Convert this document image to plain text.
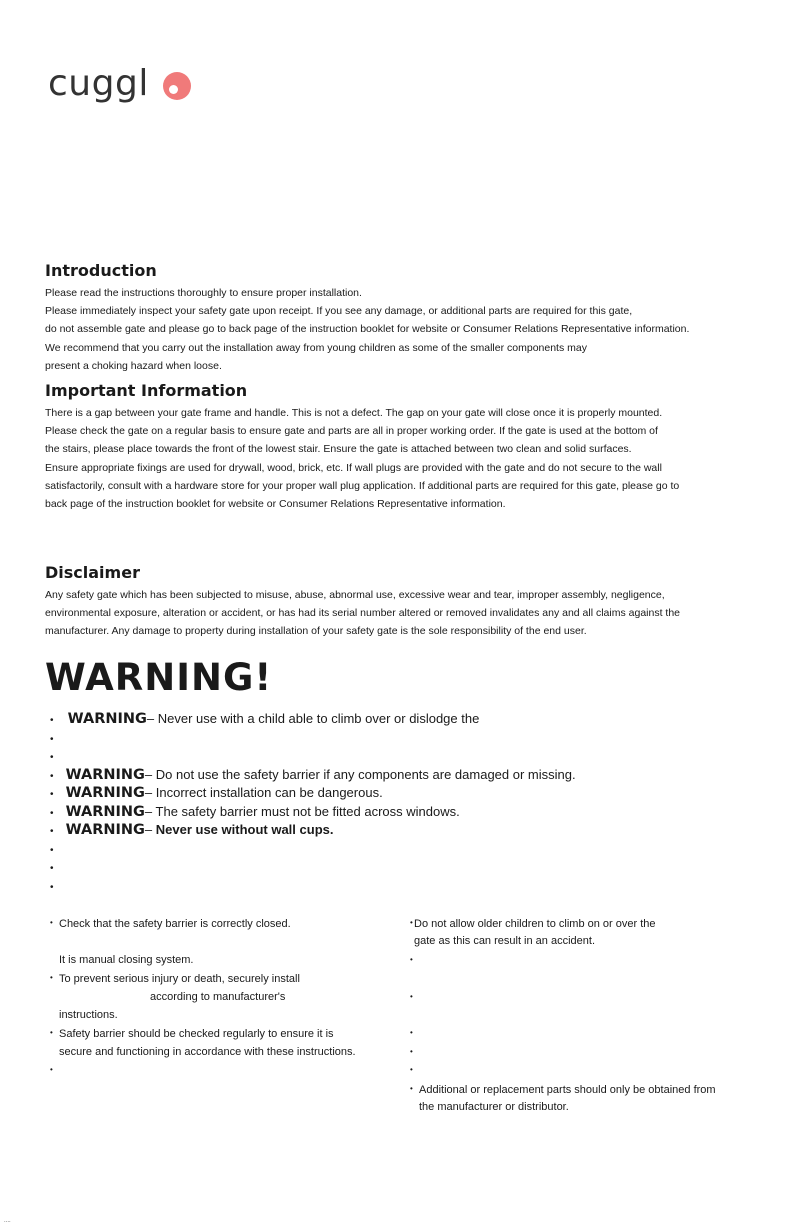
cuggl
Introduction

Please read the instructions thoroughly to ensure proper installation.

Please immediately inspect your safety gate upon receipt. If you see any damage, or additional parts are required for this gate,

do not assemble gate and please go to back page of the instruction booklet for website or Consumer Relations Representative information.

We recommend that you carry out the installation away from young children as some of the smaller components may

present a choking hazard when loose.

Important Information

There is a gap between your gate frame and handle. This is not a defect. The gap on your gate will close once it is properly mounted.

Please check the gate on a regular basis to ensure gate and parts are all in proper working order. If the gate is used at the bottom of

the stairs, please place towards the front of the lowest stair. Ensure the gate is attached between two clean and solid surfaces.

Ensure appropriate fixings are used for drywall, wood, brick, etc. If wall plugs are provided with the gate and do not secure to the wall

satisfactorily, consult with a hardware store for your proper wall plug application. If additional parts are required for this gate, please go to

back page of the instruction booklet for website or Consumer Relations Representative information.

Disclaimer

Any safety gate which has been subjected to misuse, abuse, abnormal use, excessive wear and tear, improper assembly, negligence,

environmental exposure, alteration or accident, or has had its serial number altered or removed invalidates any and all claims against the

manufacturer. Any damage to property during installation of your safety gate is the sole responsibility of the end user.

WARNING!
• WARNING– Never use with a child able to climb over or dislodge the
•
•
• WARNING– Do not use the safety barrier if any components are damaged or missing.
• WARNING– Incorrect installation can be dangerous.
• WARNING– The safety barrier must not be fitted across windows.
• WARNING– Never use without wall cups.
•
•
•
• Check that the safety barrier is correctly closed.
It is manual closing system.
• To prevent serious injury or death, securely install
according to manufacturer's
instructions.
• Safety barrier should be checked regularly to ensure it is
secure and functioning in accordance with these instructions.
•
•Do not allow older children to climb on or over the
gate as this can result in an accident.
•
•
•
•
•
• Additional or replacement parts should only be obtained from
the manufacturer or distributor.
....
